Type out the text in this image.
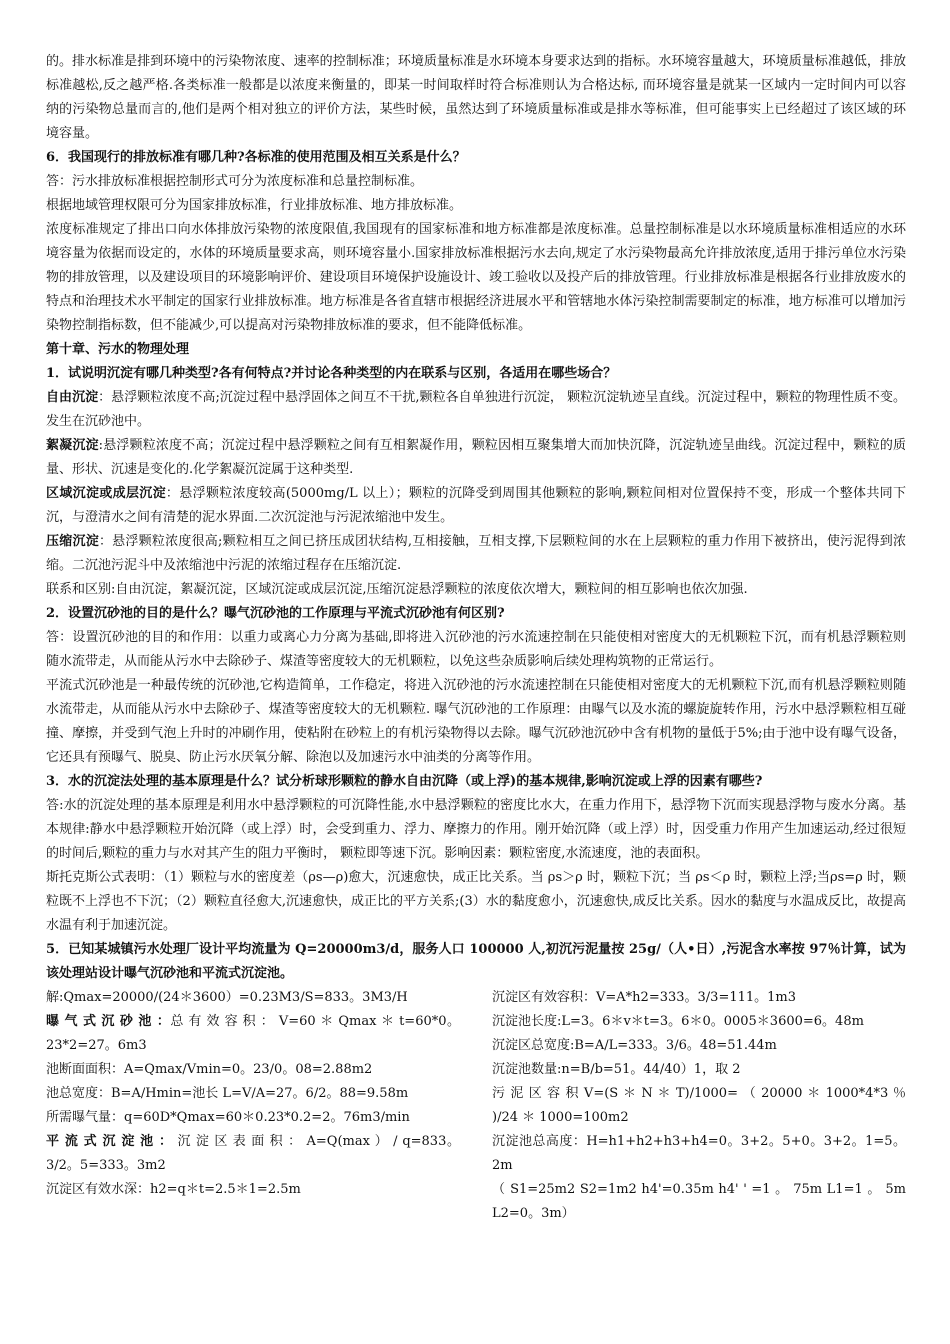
的。排水标准是排到环境中的污染物浓度、速率的控制标准；环境质量标准是水环境本身要求达到的指标。水环境容量越大，环境质量标准越低，排放标准越松,反之越严格.各类标准一般都是以浓度来衡量的，即某一时间取样时符合标准则认为合格达标, 而环境容量是就某一区域内一定时间内可以容纳的污染物总量而言的,他们是两个相对独立的评价方法，某些时候，虽然达到了环境质量标准或是排水等标准，但可能事实上已经超过了该区域的环境容量。

6．我国现行的排放标准有哪几种?各标准的使用范围及相互关系是什么？

答：污水排放标准根据控制形式可分为浓度标准和总量控制标准。

根据地域管理权限可分为国家排放标准，行业排放标准、地方排放标准。

浓度标准规定了排出口向水体排放污染物的浓度限值,我国现有的国家标准和地方标准都是浓度标准。总量控制标准是以水环境质量标准相适应的水环境容量为依据而设定的，水体的环境质量要求高，则环境容量小.国家排放标准根据污水去向,规定了水污染物最高允许排放浓度,适用于排污单位水污染物的排放管理，以及建设项目的环境影响评价、建设项目环境保护设施设计、竣工验收以及投产后的排放管理。行业排放标准是根据各行业排放废水的特点和治理技术水平制定的国家行业排放标准。地方标准是各省直辖市根据经济进展水平和管辖地水体污染控制需要制定的标准，地方标准可以增加污染物控制指标数，但不能减少,可以提高对污染物排放标准的要求，但不能降低标准。

第十章、污水的物理处理

1．试说明沉淀有哪几种类型?各有何特点?并讨论各种类型的内在联系与区别，各适用在哪些场合？

自由沉淀：悬浮颗粒浓度不高;沉淀过程中悬浮固体之间互不干扰,颗粒各自单独进行沉淀， 颗粒沉淀轨迹呈直线。沉淀过程中，颗粒的物理性质不变。发生在沉砂池中。

絮凝沉淀:悬浮颗粒浓度不高；沉淀过程中悬浮颗粒之间有互相絮凝作用，颗粒因相互聚集增大而加快沉降，沉淀轨迹呈曲线。沉淀过程中，颗粒的质量、形状、沉速是变化的.化学絮凝沉淀属于这种类型.

区域沉淀或成层沉淀：悬浮颗粒浓度较高(5000mg/L 以上）；颗粒的沉降受到周围其他颗粒的影响,颗粒间相对位置保持不变，形成一个整体共同下沉，与澄清水之间有清楚的泥水界面.二次沉淀池与污泥浓缩池中发生。

压缩沉淀：悬浮颗粒浓度很高;颗粒相互之间已挤压成团状结构,互相接触，互相支撑,下层颗粒间的水在上层颗粒的重力作用下被挤出，使污泥得到浓缩。二沉池污泥斗中及浓缩池中污泥的浓缩过程存在压缩沉淀.

联系和区别:自由沉淀，絮凝沉淀，区域沉淀或成层沉淀,压缩沉淀悬浮颗粒的浓度依次增大，颗粒间的相互影响也依次加强.

2．设置沉砂池的目的是什么？曝气沉砂池的工作原理与平流式沉砂池有何区别?

答：设置沉砂池的目的和作用：以重力或离心力分离为基础,即将进入沉砂池的污水流速控制在只能使相对密度大的无机颗粒下沉，而有机悬浮颗粒则随水流带走，从而能从污水中去除砂子、煤渣等密度较大的无机颗粒，以免这些杂质影响后续处理构筑物的正常运行。

平流式沉砂池是一种最传统的沉砂池,它构造简单，工作稳定，将进入沉砂池的污水流速控制在只能使相对密度大的无机颗粒下沉,而有机悬浮颗粒则随水流带走，从而能从污水中去除砂子、煤渣等密度较大的无机颗粒. 曝气沉砂池的工作原理：由曝气以及水流的螺旋旋转作用，污水中悬浮颗粒相互碰撞、摩擦，并受到气泡上升时的冲刷作用，使粘附在砂粒上的有机污染物得以去除。曝气沉砂池沉砂中含有机物的量低于5%;由于池中设有曝气设备，它还具有预曝气、脱臭、防止污水厌氧分解、除泡以及加速污水中油类的分离等作用。

3．水的沉淀法处理的基本原理是什么？试分析球形颗粒的静水自由沉降（或上浮)的基本规律,影响沉淀或上浮的因素有哪些?

答:水的沉淀处理的基本原理是利用水中悬浮颗粒的可沉降性能,水中悬浮颗粒的密度比水大，在重力作用下，悬浮物下沉而实现悬浮物与废水分离。基本规律:静水中悬浮颗粒开始沉降（或上浮）时，会受到重力、浮力、摩擦力的作用。刚开始沉降（或上浮）时，因受重力作用产生加速运动,经过很短的时间后,颗粒的重力与水对其产生的阻力平衡时， 颗粒即等速下沉。影响因素：颗粒密度,水流速度，池的表面积。

斯托克斯公式表明：（1）颗粒与水的密度差（ρs—ρ)愈大，沉速愈快，成正比关系。当 ρs＞ρ 时，颗粒下沉；当 ρs＜ρ 时，颗粒上浮;当ρs=ρ 时，颗粒既不上浮也不下沉；（2）颗粒直径愈大,沉速愈快，成正比的平方关系;(3）水的黏度愈小，沉速愈快,成反比关系。因水的黏度与水温成反比，故提高水温有利于加速沉淀。

5．已知某城镇污水处理厂设计平均流量为 Q=20000m3/d，服务人口 100000 人,初沉污泥量按 25g/（人•日）,污泥含水率按 97％计算，试为该处理站设计曝气沉砂池和平流式沉淀池。

解:Qmax=20000/(24＊3600）=0.23M3/S=833。3M3/H

曝 气 式 沉 砂 池 ：总 有 效 容 积 ： V=60 ＊ Qmax ＊ t=60*0。23*2=27。6m3

池断面面积：A=Qmax/Vmin=0。23/0。08=2.88m2

池总宽度：B=A/Hmin=池长 L=V/A=27。6/2。88=9.58m

所需曝气量：q=60D*Qmax=60＊0.23*0.2=2。76m3/min

平 流 式 沉 淀 池 ： 沉 淀 区 表 面 积 ： A=Q(max ） / q=833。3/2。5=333。3m2

沉淀区有效水深：h2=q＊t=2.5＊1=2.5m

沉淀区有效容积：V=A*h2=333。3/3=111。1m3

沉淀池长度:L=3。6＊v＊t=3。6＊0。0005＊3600=6。48m

沉淀区总宽度:B=A/L=333。3/6。48=51.44m

沉淀池数量:n=B/b=51。44/40）1，取 2

污 泥 区 容 积 V=(S ＊ N ＊ T)/1000= （ 20000 ＊ 1000*4*3 ％ )/24 ＊ 1000=100m2

沉淀池总高度：H=h1+h2+h3+h4=0。3+2。5+0。3+2。1=5。2m

（ S1=25m2 S2=1m2 h4'=0.35m h4' ' =1 。 75m L1=1 。 5m L2=0。3m）
